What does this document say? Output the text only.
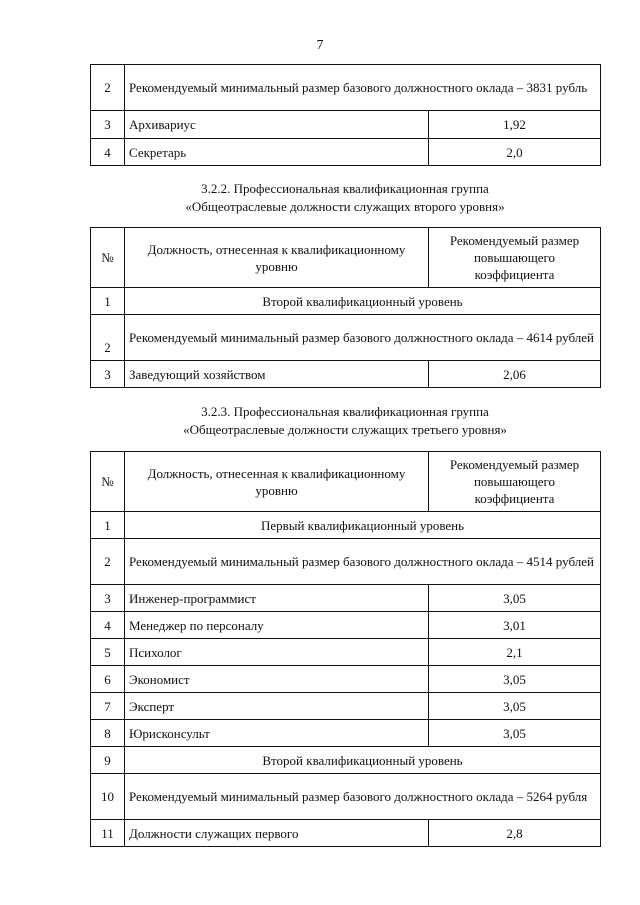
7
2	Рекомендуемый минимальный размер базового должностного оклада – 3831 рубль	
3	Архивариус	1,92
4	Секретарь	2,0
3.2.2. Профессиональная квалификационная группа
«Общеотраслевые должности служащих второго уровня»
№	Должность, отнесенная к квалификационному уровню	Рекомендуемый размер повышающего коэффициента
1	Второй квалификационный уровень	
2	Рекомендуемый минимальный размер базового должностного оклада – 4614 рублей	
3	Заведующий хозяйством	2,06
3.2.3. Профессиональная квалификационная группа
«Общеотраслевые должности служащих третьего уровня»
№	Должность, отнесенная к квалификационному уровню	Рекомендуемый размер повышающего коэффициента
1	Первый квалификационный уровень	
2	Рекомендуемый минимальный размер базового должностного оклада – 4514 рублей	
3	Инженер-программист	3,05
4	Менеджер по персоналу	3,01
5	Психолог	2,1
6	Экономист	3,05
7	Эксперт	3,05
8	Юрисконсульт	3,05
9	Второй квалификационный уровень	
10	Рекомендуемый минимальный размер базового должностного оклада – 5264 рубля	
11	Должности служащих первого	2,8
